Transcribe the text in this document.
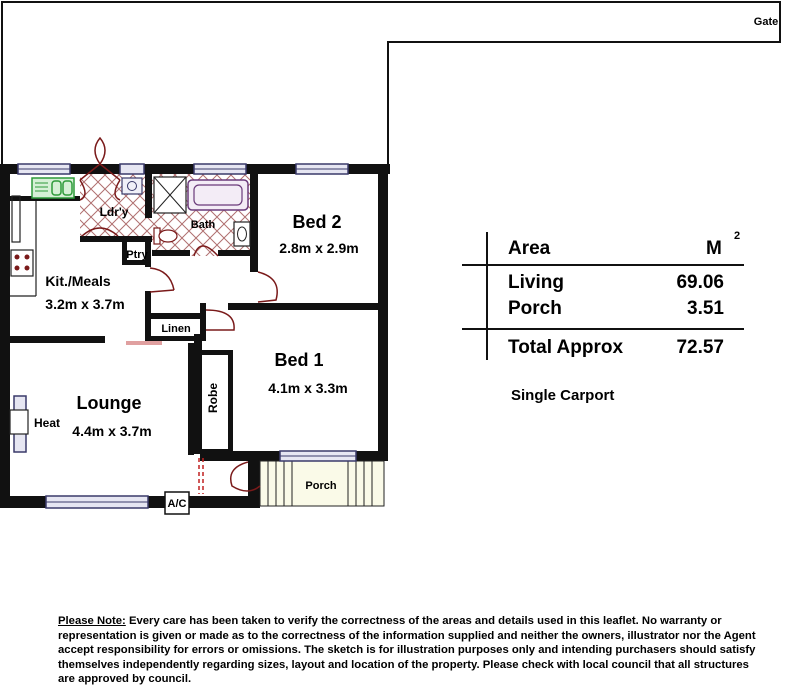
Gate
Ldr'y
Bath
Ptry
Bed 2
2.8m x 2.9m
Kit./Meals
3.2m x 3.7m
Linen
Bed 1
4.1m x 3.3m
Robe
Lounge
4.4m x 3.7m
Heat
A/C
Porch
Area	M
2
Living	69.06
Porch	3.51
Total Approx	72.57
Single Carport
Please Note: Every care has been taken to verify the correctness of the areas and details used in this leaflet. No warranty or representation is given or made as to the correctness of the information supplied and neither the owners, illustrator nor the Agent accept responsibility for errors or omissions. The sketch is for illustration purposes only and intending purchasers should satisfy themselves independently regarding sizes, layout and location of the property. Please check with local council that all structures are approved by council.
